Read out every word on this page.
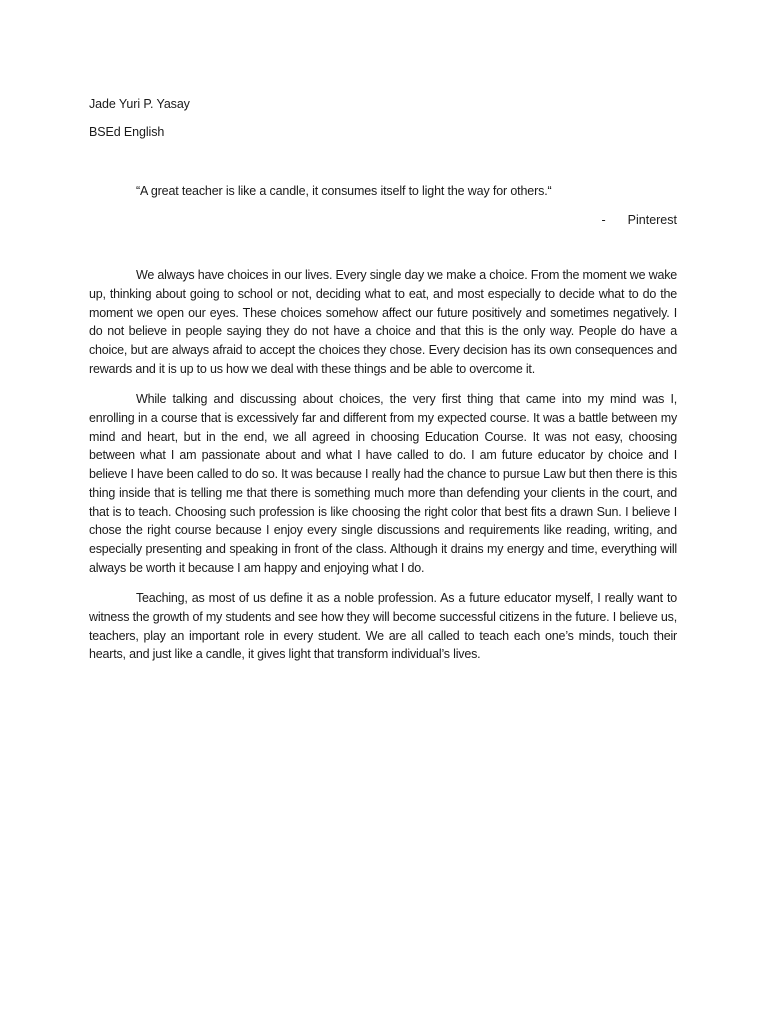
Jade Yuri P. Yasay
BSEd English
“A great teacher is like a candle, it consumes itself to light the way for others.“
- Pinterest

We always have choices in our lives. Every single day we make a choice. From the moment we wake up, thinking about going to school or not, deciding what to eat, and most especially to decide what to do the moment we open our eyes. These choices somehow affect our future positively and sometimes negatively. I do not believe in people saying they do not have a choice and that this is the only way. People do have a choice, but are always afraid to accept the choices they chose. Every decision has its own consequences and rewards and it is up to us how we deal with these things and be able to overcome it.

While talking and discussing about choices, the very first thing that came into my mind was I, enrolling in a course that is excessively far and different from my expected course. It was a battle between my mind and heart, but in the end, we all agreed in choosing Education Course. It was not easy, choosing between what I am passionate about and what I have called to do. I am future educator by choice and I believe I have been called to do so. It was because I really had the chance to pursue Law but then there is this thing inside that is telling me that there is something much more than defending your clients in the court, and that is to teach. Choosing such profession is like choosing the right color that best fits a drawn Sun. I believe I chose the right course because I enjoy every single discussions and requirements like reading, writing, and especially presenting and speaking in front of the class. Although it drains my energy and time, everything will always be worth it because I am happy and enjoying what I do.

Teaching, as most of us define it as a noble profession. As a future educator myself, I really want to witness the growth of my students and see how they will become successful citizens in the future. I believe us, teachers, play an important role in every student. We are all called to teach each one’s minds, touch their hearts, and just like a candle, it gives light that transform individual’s lives.
